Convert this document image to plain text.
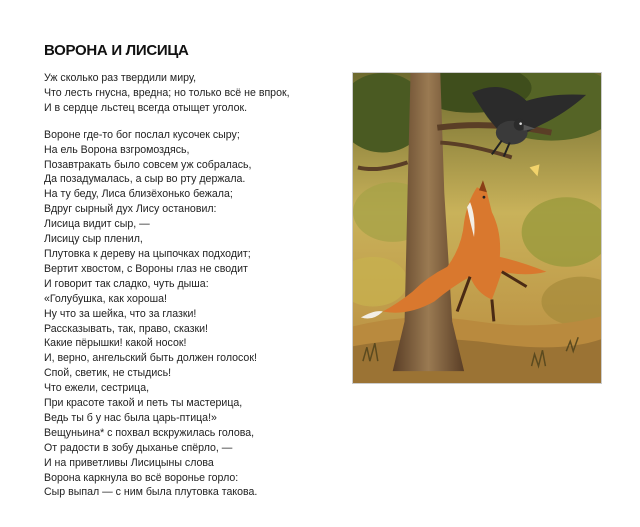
ВОРОНА И ЛИСИЦА
Уж сколько раз твердили миру,
Что лесть гнусна, вредна; но только всё не впрок,
И в сердце льстец всегда отыщет уголок.
Вороне где-то бог послал кусочек сыру;
На ель Ворона взгромоздясь,
Позавтракать было совсем уж собралась,
Да позадумалась, а сыр во рту держала.
На ту беду, Лиса близёхонько бежала;
Вдруг сырный дух Лису остановил:
Лисица видит сыр, —
Лисицу сыр пленил,
Плутовка к дереву на цыпочках подходит;
Вертит хвостом, с Вороны глаз не сводит
И говорит так сладко, чуть дыша:
«Голубушка, как хороша!
Ну что за шейка, что за глазки!
Рассказывать, так, право, сказки!
Какие пёрышки! какой носок!
И, верно, ангельский быть должен голосок!
Спой, светик, не стыдись!
Что ежели, сестрица,
При красоте такой и петь ты мастерица,
Ведь ты б у нас была царь-птица!»
Вещуньина* с похвал вскружилась голова,
От радости в зобу дыханье спёрло, —
И на приветливы Лисицыны слова
Ворона каркнула во всё воронье горло:
Сыр выпал — с ним была плутовка такова.
